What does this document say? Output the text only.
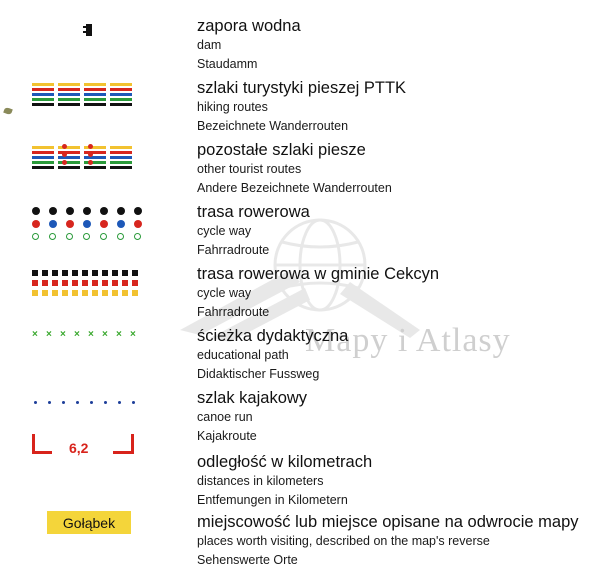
Mapy i Atlasy
zapora wodna
dam
Staudamm
szlaki turystyki pieszej PTTK
hiking routes
Bezeichnete Wanderrouten
pozostałe szlaki piesze
other tourist routes
Andere Bezeichnete Wanderrouten
trasa rowerowa
cycle way
Fahrradroute
trasa rowerowa w gminie Cekcyn
cycle way
Fahrradroute
× × × × × × × ×	ścieżka dydaktyczna
educational path
Didaktischer Fussweg
szlak kajakowy
canoe run
Kajakroute
6,2
odległość w kilometrach
distances in kilometers
Entfemungen in Kilometern
Gołąbek	miejscowość lub miejsce opisane na odwrocie mapy
places worth visiting, described on the map's reverse
Sehenswerte Orte
